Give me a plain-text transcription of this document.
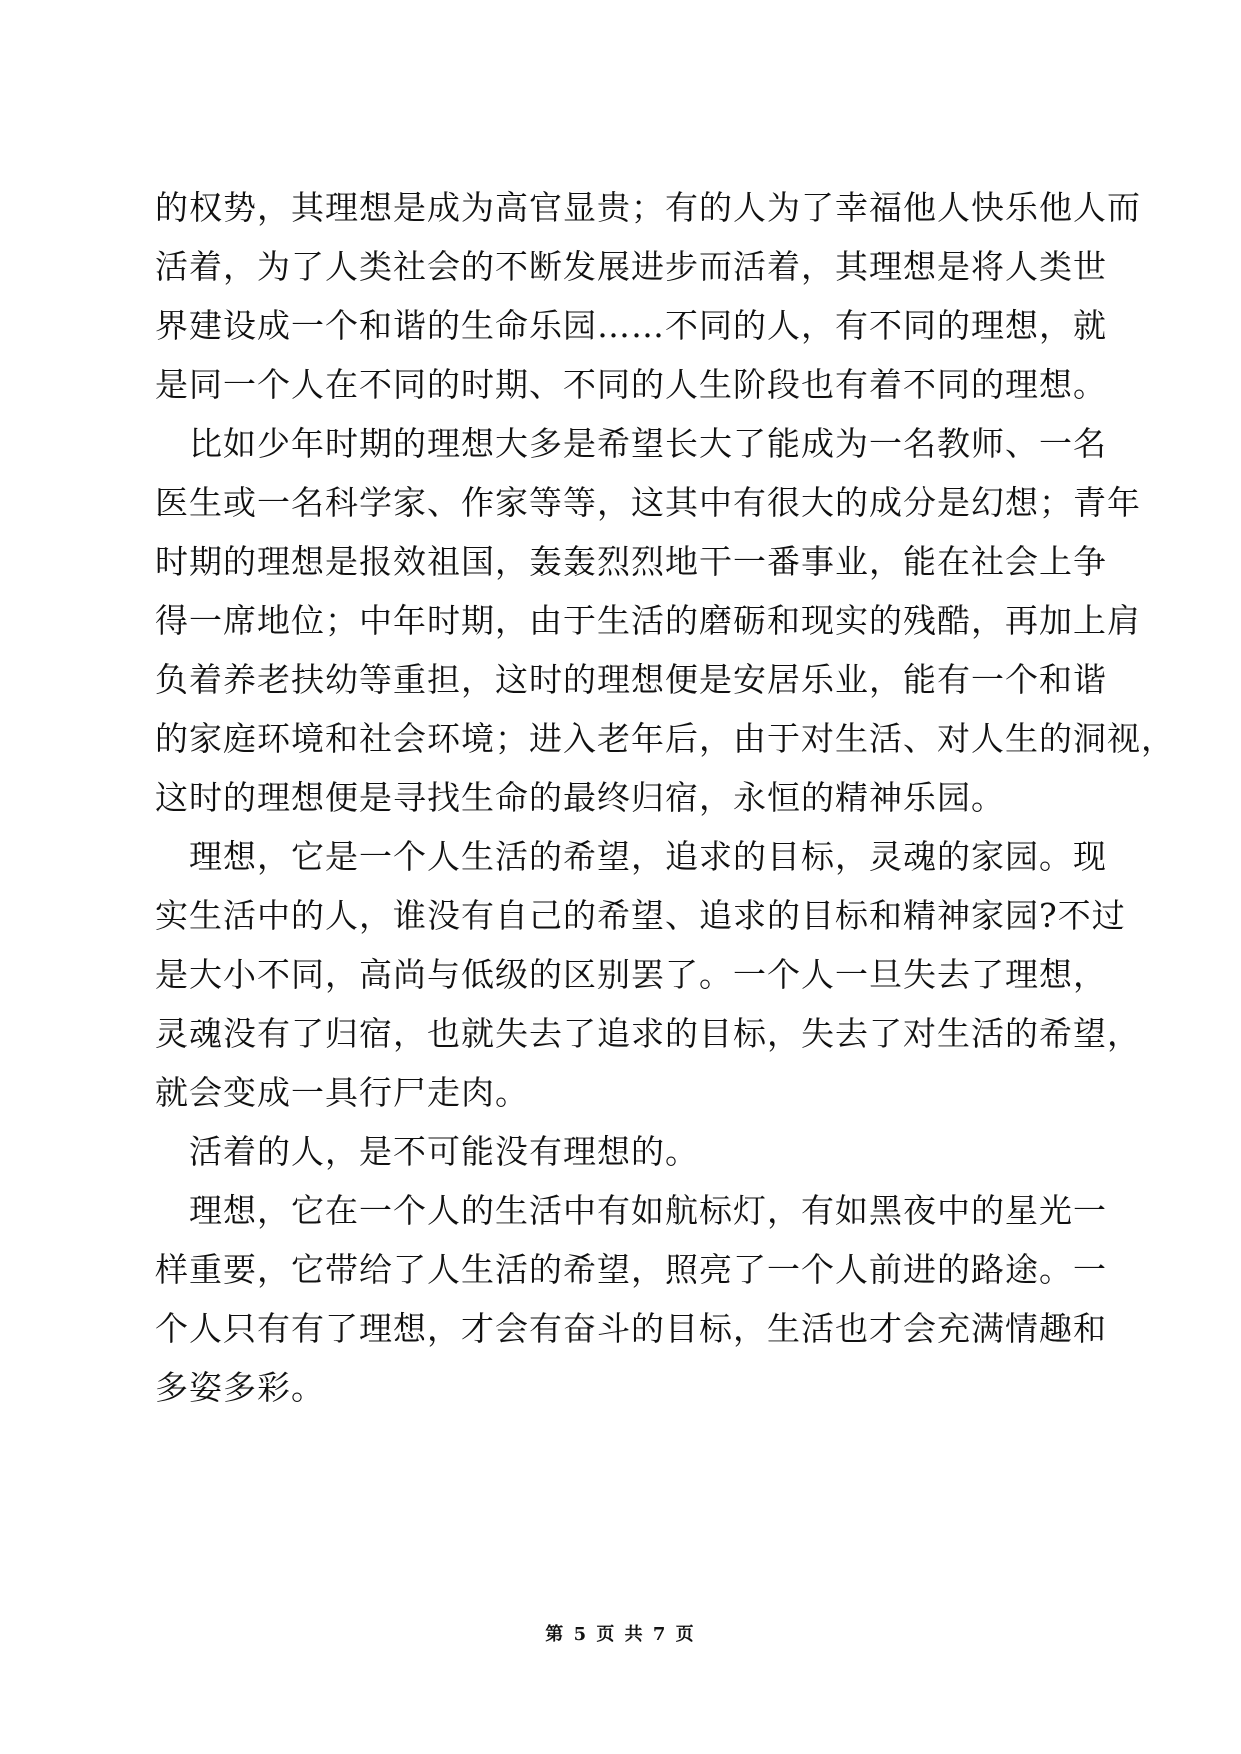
的权势，其理想是成为高官显贵；有的人为了幸福他人快乐他人而
活着，为了人类社会的不断发展进步而活着，其理想是将人类世
界建设成一个和谐的生命乐园……不同的人，有不同的理想，就
是同一个人在不同的时期、不同的人生阶段也有着不同的理想。
比如少年时期的理想大多是希望长大了能成为一名教师、一名
医生或一名科学家、作家等等，这其中有很大的成分是幻想；青年
时期的理想是报效祖国，轰轰烈烈地干一番事业，能在社会上争
得一席地位；中年时期，由于生活的磨砺和现实的残酷，再加上肩
负着养老扶幼等重担，这时的理想便是安居乐业，能有一个和谐
的家庭环境和社会环境；进入老年后，由于对生活、对人生的洞视，
这时的理想便是寻找生命的最终归宿，永恒的精神乐园。
理想，它是一个人生活的希望，追求的目标，灵魂的家园。现
实生活中的人，谁没有自己的希望、追求的目标和精神家园?不过
是大小不同，高尚与低级的区别罢了。一个人一旦失去了理想，
灵魂没有了归宿，也就失去了追求的目标，失去了对生活的希望，
就会变成一具行尸走肉。
活着的人，是不可能没有理想的。
理想，它在一个人的生活中有如航标灯，有如黑夜中的星光一
样重要，它带给了人生活的希望，照亮了一个人前进的路途。一
个人只有有了理想，才会有奋斗的目标，生活也才会充满情趣和
多姿多彩。
第 5 页 共 7 页
